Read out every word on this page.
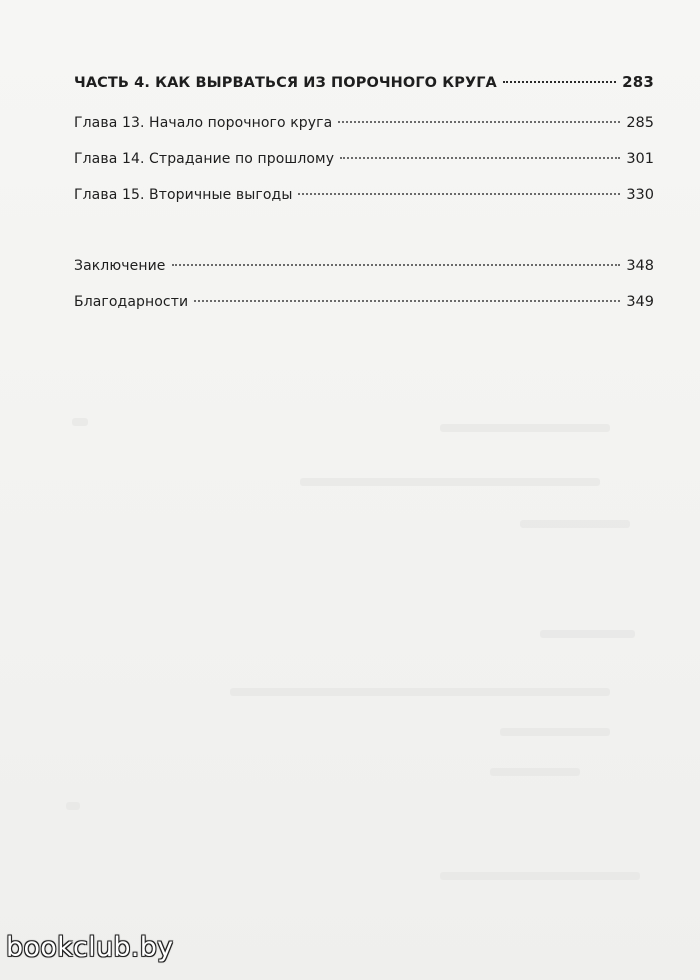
ЧАСТЬ 4. КАК ВЫРВАТЬСЯ ИЗ ПОРОЧНОГО КРУГА	283
Глава 13. Начало порочного круга	285
Глава 14. Страдание по прошлому	301
Глава 15. Вторичные выгоды	330
Заключение	348
Благодарности	349
bookclub.by
